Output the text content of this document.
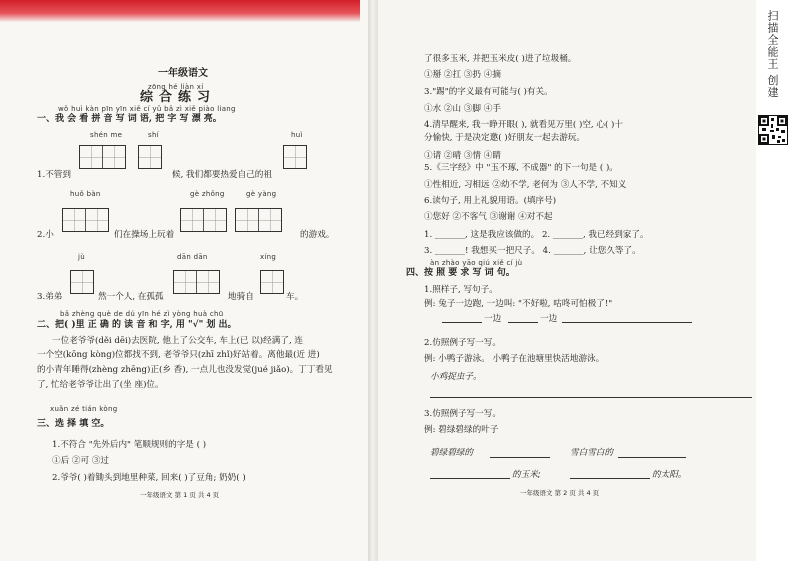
扫描全能王 创建
一年级语文
zōng hé liàn xí
综合练习
wǒ huì kàn pīn yīn xiě cí yǔ bǎ zì xiě piào liang
一、我 会 看 拼 音 写 词 语, 把 字 写 漂 亮。
shén me	shí	huì
1.不管到	候, 我们都要热爱自己的祖
huǒ bàn	gè zhǒng	gè yàng
2.小	们在操场上玩着	的游戏。
jù	dān dān	xíng
3.弟弟	然一个人, 在孤孤	地骑自	车。
bǎ zhèng què de dú yīn hé zì yòng huà chū
二、把( )里 正 确 的 读 音 和 字, 用 "√" 划 出。
一位老爷爷(děi dēi)去医院, 他上了公交车, 车上(已 以)经满了, 连
一个空(kōng kòng)位都找不到, 老爷爷只(zhī zhǐ)好站着。离他最(近 进)
的小青年睡得(zhèng zhēng)正(乡 香), 一点儿也没发觉(jué jiǎo)。丁丁看见
了, 忙给老爷爷让出了(坐 座)位。
xuǎn zé tián kòng
三、选 择 填 空。
1.不符合 "先外后内" 笔顺规则的字是 ( )
①后 ②可 ③过
2.爷爷( )着锄头到地里种菜, 回来( )了豆角; 奶奶( )
一年级语文 第 1 页 共 4 页
了很多玉米, 并把玉米皮( )进了垃圾桶。
①掰 ②扛 ③扔 ④摘
3."踢"的字义最有可能与( )有关。
①水 ②山 ③脚 ④手
4.清早醒来, 我一睁开眼( ), 就看见万里( )空, 心( )十
分愉快, 于是决定邀( )好朋友一起去游玩。
①请 ②晴 ③情 ④睛
5.《三字经》中 "玉不琢, 不成器" 的下一句是 ( )。
①性相近, 习相远 ②幼不学, 老何为 ③人不学, 不知义
6.读句子, 用上礼貌用语。(填序号)
①您好 ②不客气 ③谢谢 ④对不起
1. _______, 这是我应该做的。 2. _______, 我已经到家了。
3. _______! 我想买一把尺子。 4. _______, 让您久等了。
àn zhào yāo qiú xiě cí jù
四、按 照 要 求 写 词 句。
1.照样子, 写句子。
例: 兔子一边跑, 一边叫: "不好啦, 咕咚可怕极了!"
一边	一边
2.仿照例子写一写。
例: 小鸭子游泳。 小鸭子在池塘里快活地游泳。
小鸡捉虫子。
3.仿照例子写一写。
例: 碧绿碧绿的叶子
碧绿碧绿的	雪白雪白的
的玉米;	的太阳。
一年级语文 第 2 页 共 4 页
